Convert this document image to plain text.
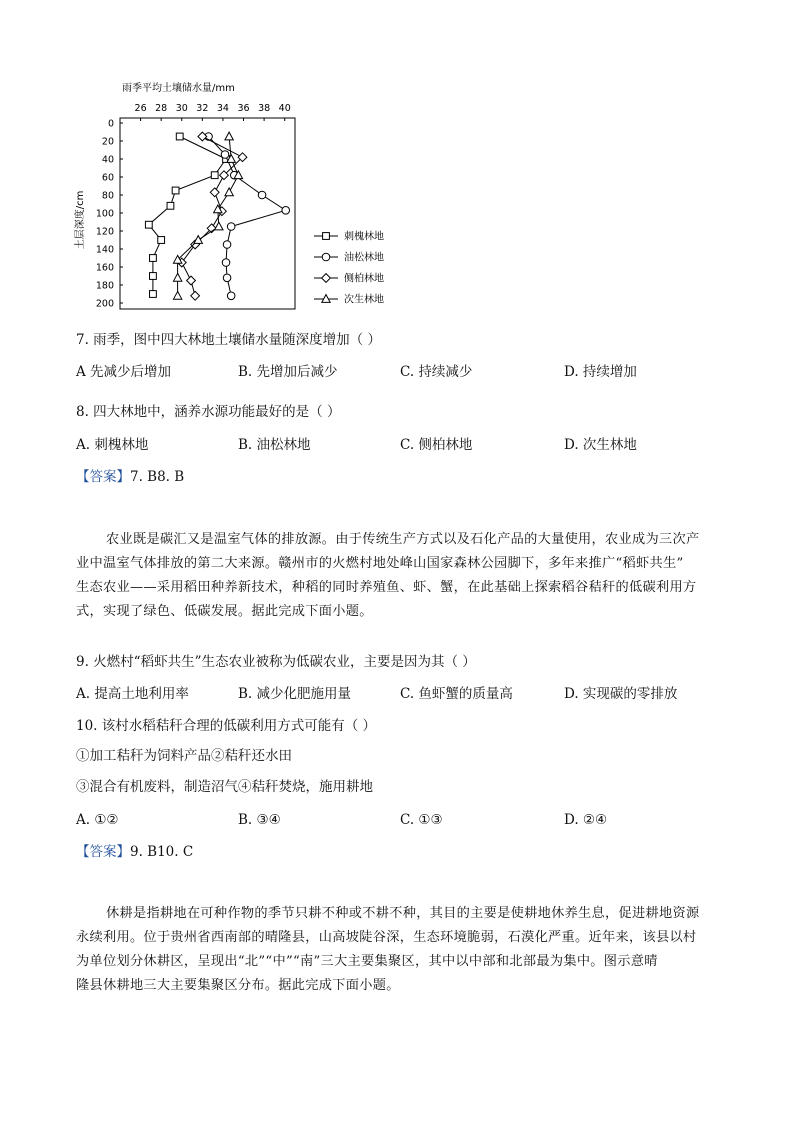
雨季平均土壤储水量/mm
26 28 30 32 34 36 38 40
土层深度/cm
0
20
40
60
80
100
120
140
160
180
200
刺槐林地
油松林地
侧柏林地
次生林地
7. 雨季，图中四大林地土壤储水量随深度增加（ ）
A 先减少后增加	B. 先增加后减少	C. 持续减少	D. 持续增加
8. 四大林地中，涵养水源功能最好的是（ ）
A. 刺槐林地	B. 油松林地	C. 侧柏林地	D. 次生林地
【答案】7. B8. B

农业既是碳汇又是温室气体的排放源。由于传统生产方式以及石化产品的大量使用，农业成为三次产

业中温室气体排放的第二大来源。赣州市的火燃村地处峰山国家森林公园脚下，多年来推广“稻虾共生”

生态农业——采用稻田种养新技术，种稻的同时养殖鱼、虾、蟹，在此基础上探索稻谷秸秆的低碳利用方

式，实现了绿色、低碳发展。据此完成下面小题。

9. 火燃村“稻虾共生”生态农业被称为低碳农业，主要是因为其（ ）
A. 提高土地利用率	B. 减少化肥施用量	C. 鱼虾蟹的质量高	D. 实现碳的零排放
10. 该村水稻秸秆合理的低碳利用方式可能有（ ）
①加工秸秆为饲料产品②秸秆还水田
③混合有机废料，制造沼气④秸秆焚烧，施用耕地
A. ①②	B. ③④	C. ①③	D. ②④
【答案】9. B10. C

休耕是指耕地在可种作物的季节只耕不种或不耕不种，其目的主要是使耕地休养生息，促进耕地资源

永续利用。位于贵州省西南部的晴隆县，山高坡陡谷深，生态环境脆弱，石漠化严重。近年来，该县以村

为单位划分休耕区，呈现出“北”“中”“南”三大主要集聚区，其中以中部和北部最为集中。图示意晴

隆县休耕地三大主要集聚区分布。据此完成下面小题。
